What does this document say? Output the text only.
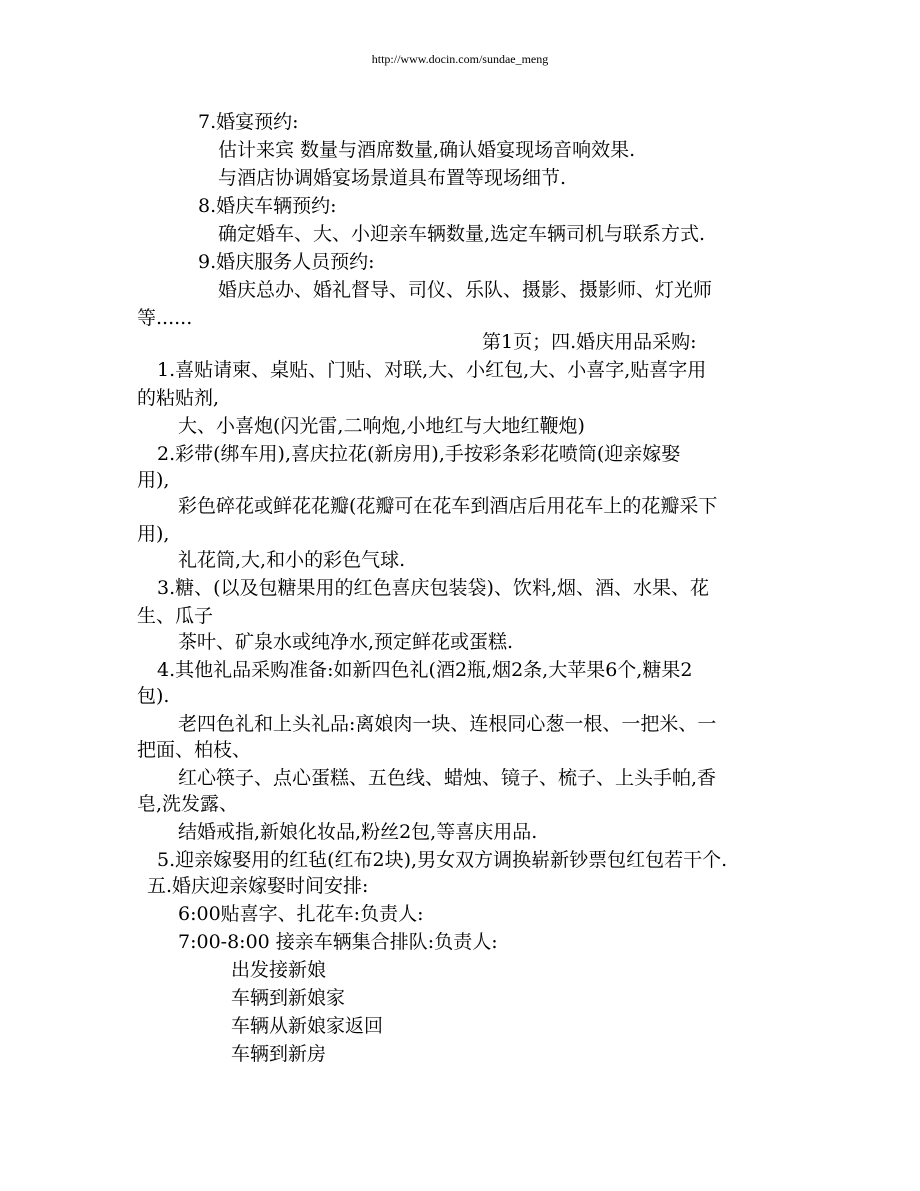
http://www.docin.com/sundae_meng
7.婚宴预约:
估计来宾 数量与酒席数量,确认婚宴现场音响效果.
与酒店协调婚宴场景道具布置等现场细节.
8.婚庆车辆预约:
确定婚车、大、小迎亲车辆数量,选定车辆司机与联系方式.
9.婚庆服务人员预约:
婚庆总办、婚礼督导、司仪、乐队、摄影、摄影师、灯光师
等......
第1页；四.婚庆用品采购:
1.喜贴请柬、桌贴、门贴、对联,大、小红包,大、小喜字,贴喜字用
的粘贴剂,
大、小喜炮(闪光雷,二响炮,小地红与大地红鞭炮)
2.彩带(绑车用),喜庆拉花(新房用),手按彩条彩花喷筒(迎亲嫁娶
用),
彩色碎花或鲜花花瓣(花瓣可在花车到酒店后用花车上的花瓣采下
用),
礼花筒,大,和小的彩色气球.
3.糖、(以及包糖果用的红色喜庆包装袋)、饮料,烟、酒、水果、花
生、瓜子
茶叶、矿泉水或纯净水,预定鲜花或蛋糕.
4.其他礼品采购准备:如新四色礼(酒2瓶,烟2条,大苹果6个,糖果2
包).
老四色礼和上头礼品:离娘肉一块、连根同心葱一根、一把米、一
把面、柏枝、
红心筷子、点心蛋糕、五色线、蜡烛、镜子、梳子、上头手帕,香
皂,洗发露、
结婚戒指,新娘化妆品,粉丝2包,等喜庆用品.
5.迎亲嫁娶用的红毡(红布2块),男女双方调换崭新钞票包红包若干个.
五.婚庆迎亲嫁娶时间安排:
6:00贴喜字、扎花车:负责人:
7:00-8:00 接亲车辆集合排队:负责人:
出发接新娘
车辆到新娘家
车辆从新娘家返回
车辆到新房
